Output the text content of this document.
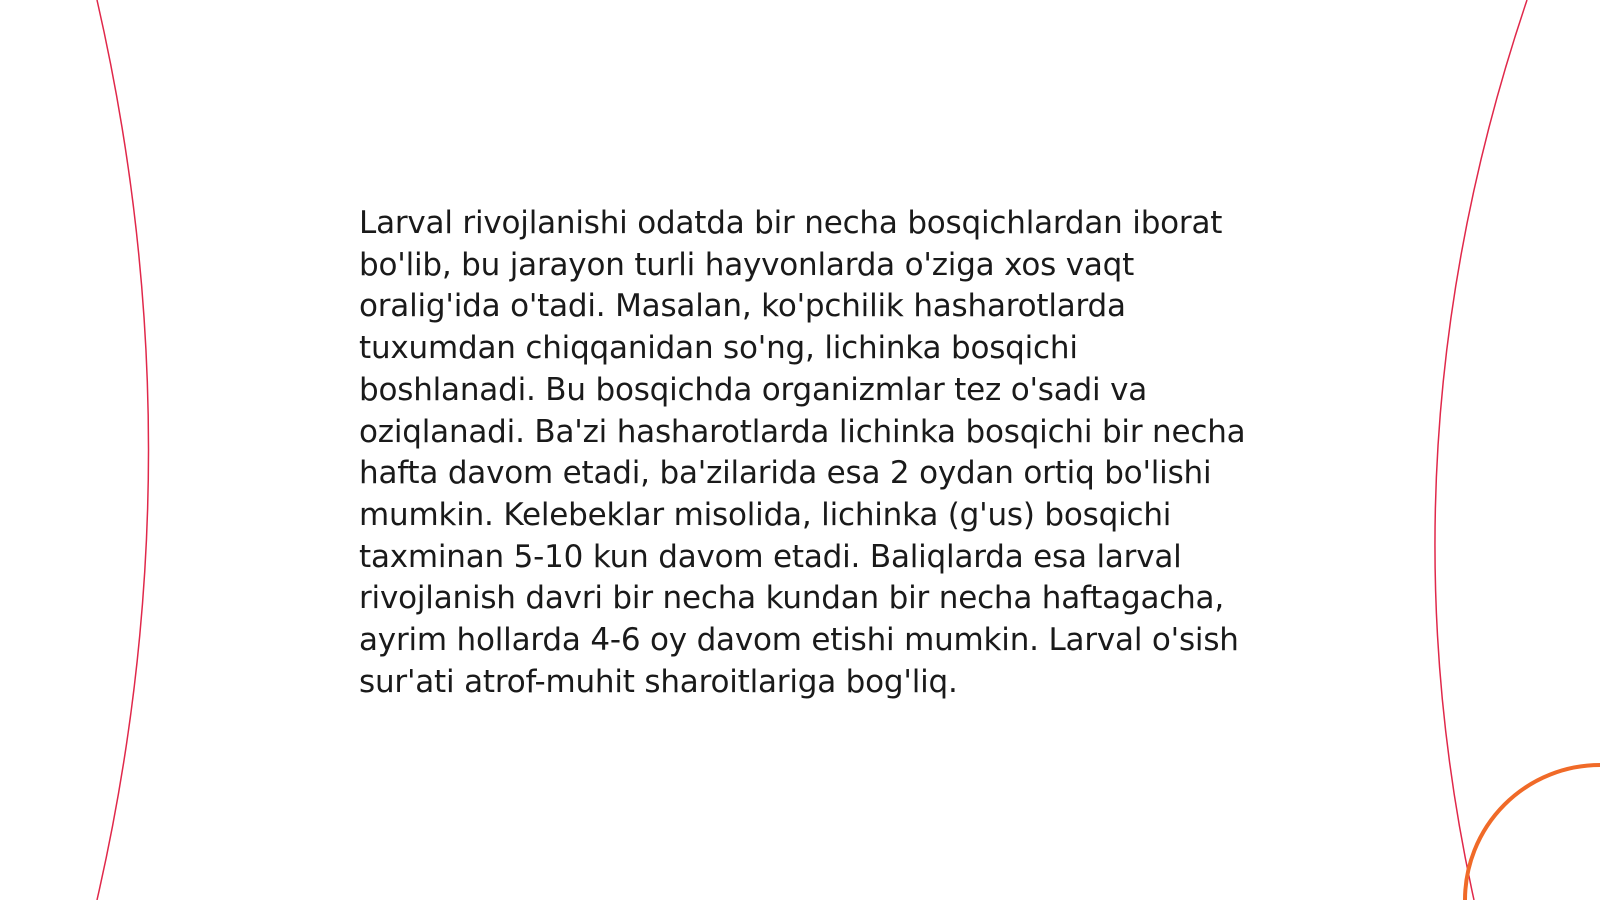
Larval rivojlanishi odatda bir necha bosqichlardan iborat bo'lib, bu jarayon turli hayvonlarda o'ziga xos vaqt oralig'ida o'tadi. Masalan, ko'pchilik hasharotlarda tuxumdan chiqqanidan so'ng, lichinka bosqichi boshlanadi. Bu bosqichda organizmlar tez o'sadi va oziqlanadi. Ba'zi hasharotlarda lichinka bosqichi bir necha hafta davom etadi, ba'zilarida esa 2 oydan ortiq bo'lishi mumkin. Kelebeklar misolida, lichinka (g'us) bosqichi taxminan 5-10 kun davom etadi. Baliqlarda esa larval rivojlanish davri bir necha kundan bir necha haftagacha, ayrim hollarda 4-6 oy davom etishi mumkin. Larval o'sish sur'ati atrof-muhit sharoitlariga bog'liq.
